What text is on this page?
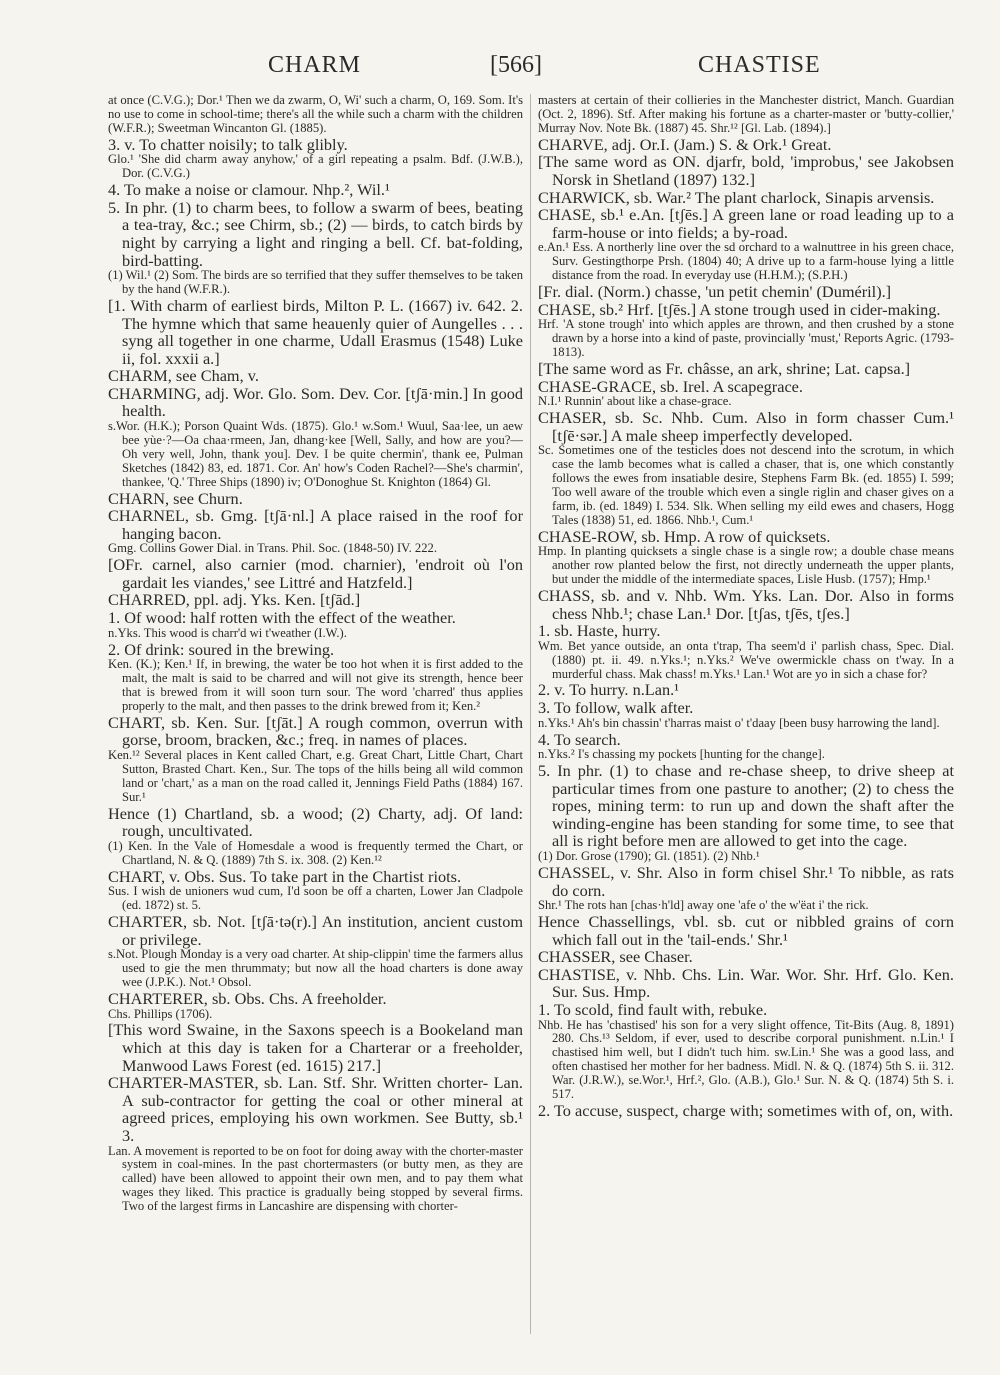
CHARM	[566]	CHASTISE

at once (C.V.G.); Dor.¹ Then we da zwarm, O, Wi' such a charm, O, 169. Som. It's no use to come in school-time; there's all the while such a charm with the children (W.F.R.); Sweetman Wincanton Gl. (1885).

3. v. To chatter noisily; to talk glibly.

Glo.¹ 'She did charm away anyhow,' of a girl repeating a psalm. Bdf. (J.W.B.), Dor. (C.V.G.)

4. To make a noise or clamour. Nhp.², Wil.¹

5. In phr. (1) to charm bees, to follow a swarm of bees, beating a tea-tray, &c.; see Chirm, sb.; (2) — birds, to catch birds by night by carrying a light and ringing a bell. Cf. bat-folding, bird-batting.

(1) Wil.¹ (2) Som. The birds are so terrified that they suffer themselves to be taken by the hand (W.F.R.).

[1. With charm of earliest birds, Milton P. L. (1667) iv. 642. 2. The hymne which that same heauenly quier of Aungelles . . . syng all together in one charme, Udall Erasmus (1548) Luke ii, fol. xxxii a.]

CHARM, see Cham, v.

CHARMING, adj. Wor. Glo. Som. Dev. Cor. [tʃā·min.] In good health.

s.Wor. (H.K.); Porson Quaint Wds. (1875). Glo.¹ w.Som.¹ Wuul, Saa·lee, un aew bee yùe·?—Oa chaa·rmeen, Jan, dhang·kee [Well, Sally, and how are you?—Oh very well, John, thank you]. Dev. I be quite chermin', thank ee, Pulman Sketches (1842) 83, ed. 1871. Cor. An' how's Coden Rachel?—She's charmin', thankee, 'Q.' Three Ships (1890) iv; O'Donoghue St. Knighton (1864) Gl.

CHARN, see Churn.

CHARNEL, sb. Gmg. [tʃā·nl.] A place raised in the roof for hanging bacon.

Gmg. Collins Gower Dial. in Trans. Phil. Soc. (1848-50) IV. 222.

[OFr. carnel, also carnier (mod. charnier), 'endroit où l'on gardait les viandes,' see Littré and Hatzfeld.]

CHARRED, ppl. adj. Yks. Ken. [tʃād.]

1. Of wood: half rotten with the effect of the weather.

n.Yks. This wood is charr'd wi t'weather (I.W.).

2. Of drink: soured in the brewing.

Ken. (K.); Ken.¹ If, in brewing, the water be too hot when it is first added to the malt, the malt is said to be charred and will not give its strength, hence beer that is brewed from it will soon turn sour. The word 'charred' thus applies properly to the malt, and then passes to the drink brewed from it; Ken.²

CHART, sb. Ken. Sur. [tʃāt.] A rough common, overrun with gorse, broom, bracken, &c.; freq. in names of places.

Ken.¹² Several places in Kent called Chart, e.g. Great Chart, Little Chart, Chart Sutton, Brasted Chart. Ken., Sur. The tops of the hills being all wild common land or 'chart,' as a man on the road called it, Jennings Field Paths (1884) 167. Sur.¹

Hence (1) Chartland, sb. a wood; (2) Charty, adj. Of land: rough, uncultivated.

(1) Ken. In the Vale of Homesdale a wood is frequently termed the Chart, or Chartland, N. & Q. (1889) 7th S. ix. 308. (2) Ken.¹²

CHART, v. Obs. Sus. To take part in the Chartist riots.

Sus. I wish de unioners wud cum, I'd soon be off a charten, Lower Jan Cladpole (ed. 1872) st. 5.

CHARTER, sb. Not. [tʃā·tə(r).] An institution, ancient custom or privilege.

s.Not. Plough Monday is a very oad charter. At ship-clippin' time the farmers allus used to gie the men thrummaty; but now all the hoad charters is done away wee (J.P.K.). Not.¹ Obsol.

CHARTERER, sb. Obs. Chs. A freeholder.

Chs. Phillips (1706).

[This word Swaine, in the Saxons speech is a Bookeland man which at this day is taken for a Charterar or a freeholder, Manwood Laws Forest (ed. 1615) 217.]

CHARTER-MASTER, sb. Lan. Stf. Shr. Written chorter- Lan. A sub-contractor for getting the coal or other mineral at agreed prices, employing his own workmen. See Butty, sb.¹ 3.

Lan. A movement is reported to be on foot for doing away with the chorter-master system in coal-mines. In the past chortermasters (or butty men, as they are called) have been allowed to appoint their own men, and to pay them what wages they liked. This practice is gradually being stopped by several firms. Two of the largest firms in Lancashire are dispensing with chorter-

masters at certain of their collieries in the Manchester district, Manch. Guardian (Oct. 2, 1896). Stf. After making his fortune as a charter-master or 'butty-collier,' Murray Nov. Note Bk. (1887) 45. Shr.¹² [Gl. Lab. (1894).]

CHARVE, adj. Or.I. (Jam.) S. & Ork.¹ Great.

[The same word as ON. djarfr, bold, 'improbus,' see Jakobsen Norsk in Shetland (1897) 132.]

CHARWICK, sb. War.² The plant charlock, Sinapis arvensis.

CHASE, sb.¹ e.An. [tʃēs.] A green lane or road leading up to a farm-house or into fields; a by-road.

e.An.¹ Ess. A northerly line over the sd orchard to a walnuttree in his green chace, Surv. Gestingthorpe Prsh. (1804) 40; A drive up to a farm-house lying a little distance from the road. In everyday use (H.H.M.); (S.P.H.)

[Fr. dial. (Norm.) chasse, 'un petit chemin' (Duméril).]

CHASE, sb.² Hrf. [tʃēs.] A stone trough used in cider-making.

Hrf. 'A stone trough' into which apples are thrown, and then crushed by a stone drawn by a horse into a kind of paste, provincially 'must,' Reports Agric. (1793-1813).

[The same word as Fr. châsse, an ark, shrine; Lat. capsa.]

CHASE-GRACE, sb. Irel. A scapegrace.

N.I.¹ Runnin' about like a chase-grace.

CHASER, sb. Sc. Nhb. Cum. Also in form chasser Cum.¹ [tʃē·sər.] A male sheep imperfectly developed.

Sc. Sometimes one of the testicles does not descend into the scrotum, in which case the lamb becomes what is called a chaser, that is, one which constantly follows the ewes from insatiable desire, Stephens Farm Bk. (ed. 1855) I. 599; Too well aware of the trouble which even a single riglin and chaser gives on a farm, ib. (ed. 1849) I. 534. Slk. When selling my eild ewes and chasers, Hogg Tales (1838) 51, ed. 1866. Nhb.¹, Cum.¹

CHASE-ROW, sb. Hmp. A row of quicksets.

Hmp. In planting quicksets a single chase is a single row; a double chase means another row planted below the first, not directly underneath the upper plants, but under the middle of the intermediate spaces, Lisle Husb. (1757); Hmp.¹

CHASS, sb. and v. Nhb. Wm. Yks. Lan. Dor. Also in forms chess Nhb.¹; chase Lan.¹ Dor. [tʃas, tʃēs, tʃes.]

1. sb. Haste, hurry.

Wm. Bet yance outside, an onta t'trap, Tha seem'd i' parlish chass, Spec. Dial. (1880) pt. ii. 49. n.Yks.¹; n.Yks.² We've owermickle chass on t'way. In a murderful chass. Mak chass! m.Yks.¹ Lan.¹ Wot are yo in sich a chase for?

2. v. To hurry. n.Lan.¹

3. To follow, walk after.

n.Yks.¹ Ah's bin chassin' t'harras maist o' t'daay [been busy harrowing the land].

4. To search.

n.Yks.² I's chassing my pockets [hunting for the change].

5. In phr. (1) to chase and re-chase sheep, to drive sheep at particular times from one pasture to another; (2) to chess the ropes, mining term: to run up and down the shaft after the winding-engine has been standing for some time, to see that all is right before men are allowed to get into the cage.

(1) Dor. Grose (1790); Gl. (1851). (2) Nhb.¹

CHASSEL, v. Shr. Also in form chisel Shr.¹ To nibble, as rats do corn.

Shr.¹ The rots han [chas·h'ld] away one 'afe o' the w'ëat i' the rick.

Hence Chassellings, vbl. sb. cut or nibbled grains of corn which fall out in the 'tail-ends.' Shr.¹

CHASSER, see Chaser.

CHASTISE, v. Nhb. Chs. Lin. War. Wor. Shr. Hrf. Glo. Ken. Sur. Sus. Hmp.

1. To scold, find fault with, rebuke.

Nhb. He has 'chastised' his son for a very slight offence, Tit-Bits (Aug. 8, 1891) 280. Chs.¹³ Seldom, if ever, used to describe corporal punishment. n.Lin.¹ I chastised him well, but I didn't tuch him. sw.Lin.¹ She was a good lass, and often chastised her mother for her badness. Midl. N. & Q. (1874) 5th S. ii. 312. War. (J.R.W.), se.Wor.¹, Hrf.², Glo. (A.B.), Glo.¹ Sur. N. & Q. (1874) 5th S. i. 517.

2. To accuse, suspect, charge with; sometimes with of, on, with.
